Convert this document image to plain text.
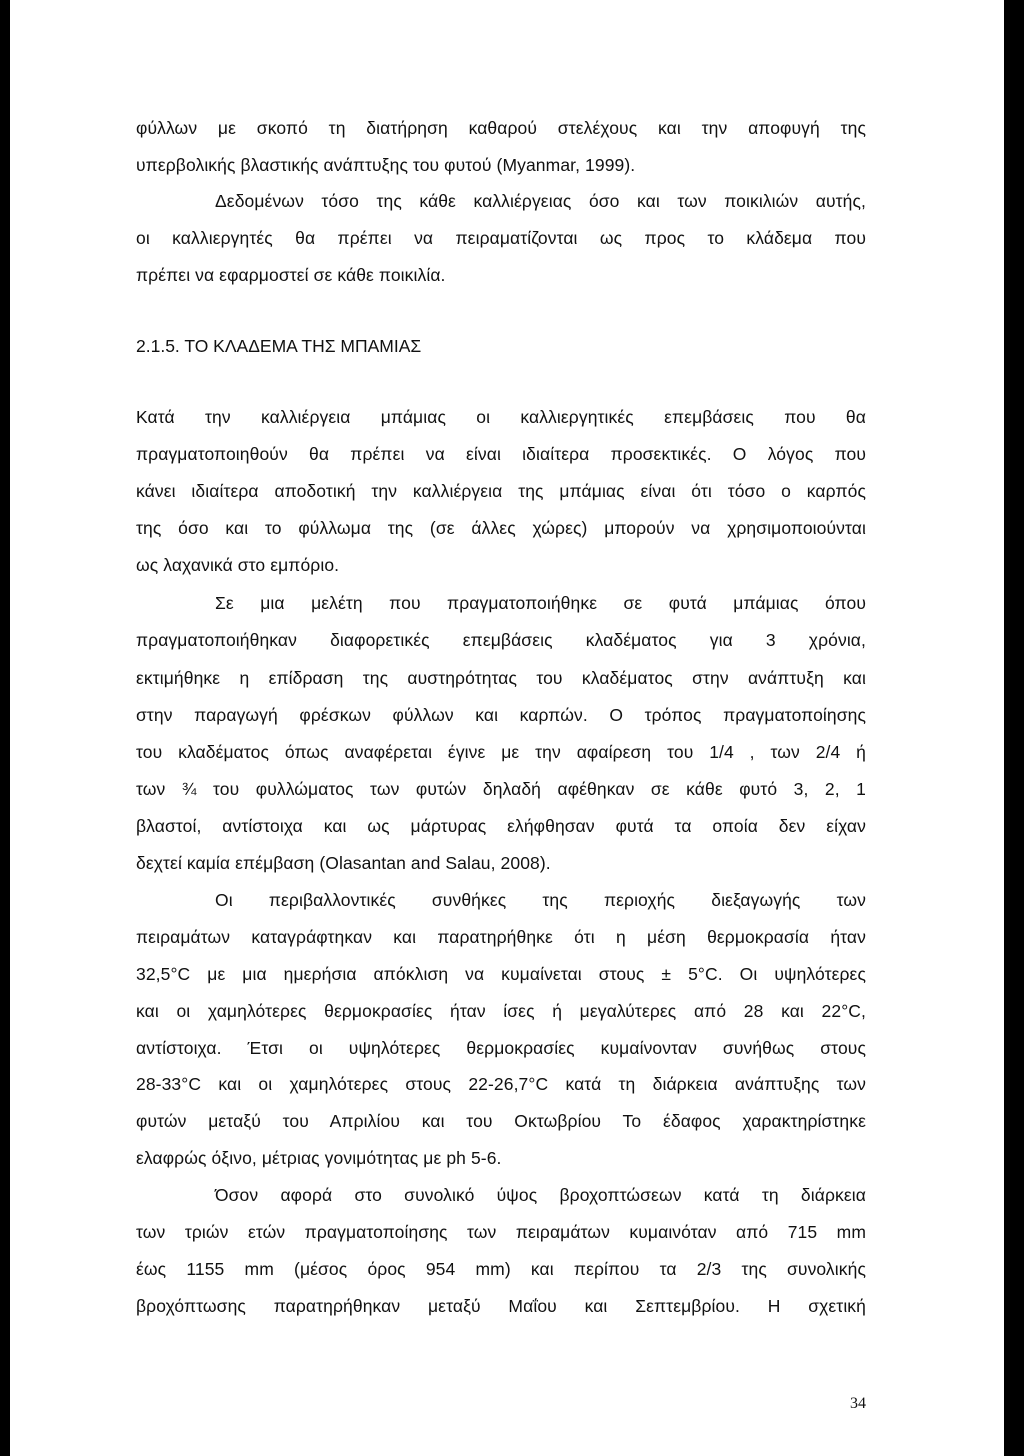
φύλλων με σκοπό τη διατήρηση καθαρού στελέχους και την αποφυγή της
υπερβολικής βλαστικής ανάπτυξης του φυτού (Myanmar, 1999).
Δεδομένων τόσο της κάθε καλλιέργειας όσο και των ποικιλιών αυτής,
οι καλλιεργητές θα πρέπει να πειραματίζονται ως προς το κλάδεμα που
πρέπει να εφαρμοστεί σε κάθε ποικιλία.
2.1.5. ΤΟ ΚΛΑΔΕΜΑ ΤΗΣ ΜΠΑΜΙΑΣ
Κατά την καλλιέργεια μπάμιας οι καλλιεργητικές επεμβάσεις που θα
πραγματοποιηθούν θα πρέπει να είναι ιδιαίτερα προσεκτικές. Ο λόγος που
κάνει ιδιαίτερα αποδοτική την καλλιέργεια της μπάμιας είναι ότι τόσο ο καρπός
της όσο και το φύλλωμα της (σε άλλες χώρες) μπορούν να χρησιμοποιούνται
ως λαχανικά στο εμπόριο.
Σε μια μελέτη που πραγματοποιήθηκε σε φυτά μπάμιας όπου
πραγματοποιήθηκαν διαφορετικές επεμβάσεις κλαδέματος για 3 χρόνια,
εκτιμήθηκε η επίδραση της αυστηρότητας του κλαδέματος στην ανάπτυξη και
στην παραγωγή φρέσκων φύλλων και καρπών. Ο τρόπος πραγματοποίησης
του κλαδέματος όπως αναφέρεται έγινε με την αφαίρεση του 1/4 , των 2/4 ή
των ¾ του φυλλώματος των φυτών δηλαδή αφέθηκαν σε κάθε φυτό 3, 2, 1
βλαστοί, αντίστοιχα και ως μάρτυρας ελήφθησαν φυτά τα οποία δεν είχαν
δεχτεί καμία επέμβαση (Olasantan and Salau, 2008).
Οι περιβαλλοντικές συνθήκες της περιοχής διεξαγωγής των
πειραμάτων καταγράφτηκαν και παρατηρήθηκε ότι η μέση θερμοκρασία ήταν
32,5°C με μια ημερήσια απόκλιση να κυμαίνεται στους ± 5°C. Οι υψηλότερες
και οι χαμηλότερες θερμοκρασίες ήταν ίσες ή μεγαλύτερες από 28 και 22°C,
αντίστοιχα. Έτσι οι υψηλότερες θερμοκρασίες κυμαίνονταν συνήθως στους
28-33°C και οι χαμηλότερες στους 22-26,7°C κατά τη διάρκεια ανάπτυξης των
φυτών μεταξύ του Απριλίου και του Οκτωβρίου Το έδαφος χαρακτηρίστηκε
ελαφρώς όξινο, μέτριας γονιμότητας με ph 5-6.
Όσον αφορά στο συνολικό ύψος βροχοπτώσεων κατά τη διάρκεια
των τριών ετών πραγματοποίησης των πειραμάτων κυμαινόταν από 715 mm
έως 1155 mm (μέσος όρος 954 mm) και περίπου τα 2/3 της συνολικής
βροχόπτωσης παρατηρήθηκαν μεταξύ Μαΐου και Σεπτεμβρίου. Η σχετική
34
